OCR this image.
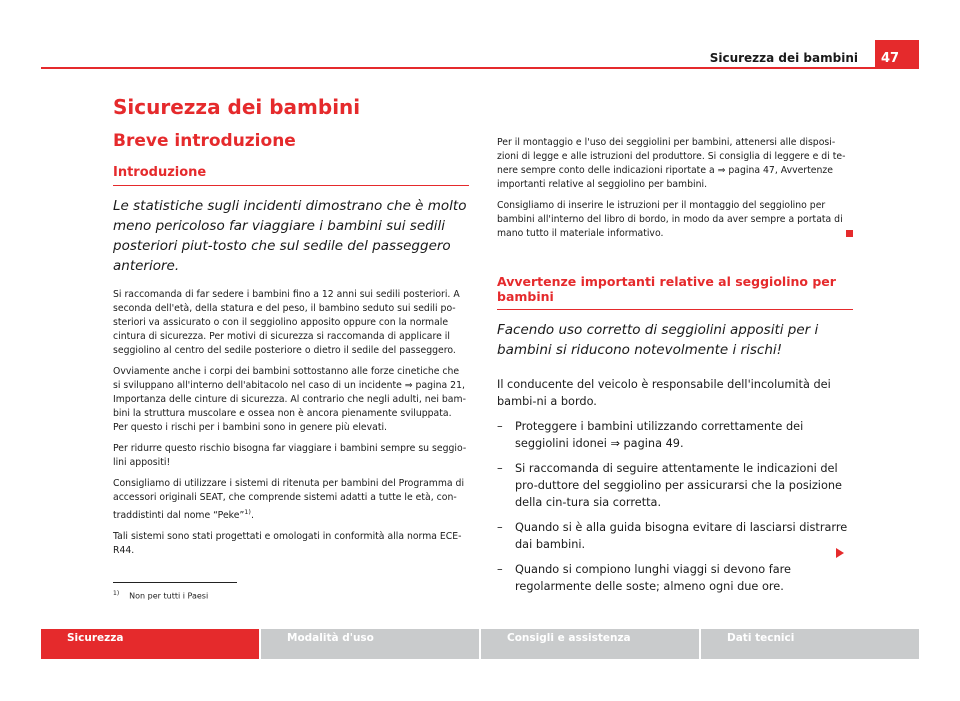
Sicurezza dei bambini	47
Sicurezza dei bambini
Breve introduzione
Introduzione

Le statistiche sugli incidenti dimostrano che è molto meno pericoloso far viaggiare i bambini sui sedili posteriori piut-tosto che sul sedile del passeggero anteriore.

Si raccomanda di far sedere i bambini fino a 12 anni sui sedili posteriori. A seconda dell'età, della statura e del peso, il bambino seduto sui sedili po-steriori va assicurato o con il seggiolino apposito oppure con la normale cintura di sicurezza. Per motivi di sicurezza si raccomanda di applicare il seggiolino al centro del sedile posteriore o dietro il sedile del passeggero.

Ovviamente anche i corpi dei bambini sottostanno alle forze cinetiche che si sviluppano all'interno dell'abitacolo nel caso di un incidente ⇒ pagina 21, Importanza delle cinture di sicurezza. Al contrario che negli adulti, nei bam-bini la struttura muscolare e ossea non è ancora pienamente sviluppata. Per questo i rischi per i bambini sono in genere più elevati.

Per ridurre questo rischio bisogna far viaggiare i bambini sempre su seggio-lini appositi!

Consigliamo di utilizzare i sistemi di ritenuta per bambini del Programma di accessori originali SEAT, che comprende sistemi adatti a tutte le età, con-traddistinti dal nome “Peke”$^{1)}$.

Tali sistemi sono stati progettati e omologati in conformità alla norma ECE-R44.

Per il montaggio e l'uso dei seggiolini per bambini, attenersi alle disposi-zioni di legge e alle istruzioni del produttore. Si consiglia di leggere e di te-nere sempre conto delle indicazioni riportate a ⇒ pagina 47, Avvertenze importanti relative al seggiolino per bambini.

Consigliamo di inserire le istruzioni per il montaggio del seggiolino per bambini all'interno del libro di bordo, in modo da aver sempre a portata di mano tutto il materiale informativo.

Avvertenze importanti relative al seggiolino per bambini

Facendo uso corretto di seggiolini appositi per i bambini si riducono notevolmente i rischi!

Il conducente del veicolo è responsabile dell'incolumità dei bambi-ni a bordo.

– Proteggere i bambini utilizzando correttamente dei seggiolini idonei ⇒ pagina 49.
– Si raccomanda di seguire attentamente le indicazioni del pro-duttore del seggiolino per assicurarsi che la posizione della cin-tura sia corretta.
– Quando si è alla guida bisogna evitare di lasciarsi distrarre dai bambini.
– Quando si compiono lunghi viaggi si devono fare regolarmente delle soste; almeno ogni due ore.
$^{1)}$ Non per tutti i Paesi
Sicurezza	Modalità d'uso	Consigli e assistenza	Dati tecnici
